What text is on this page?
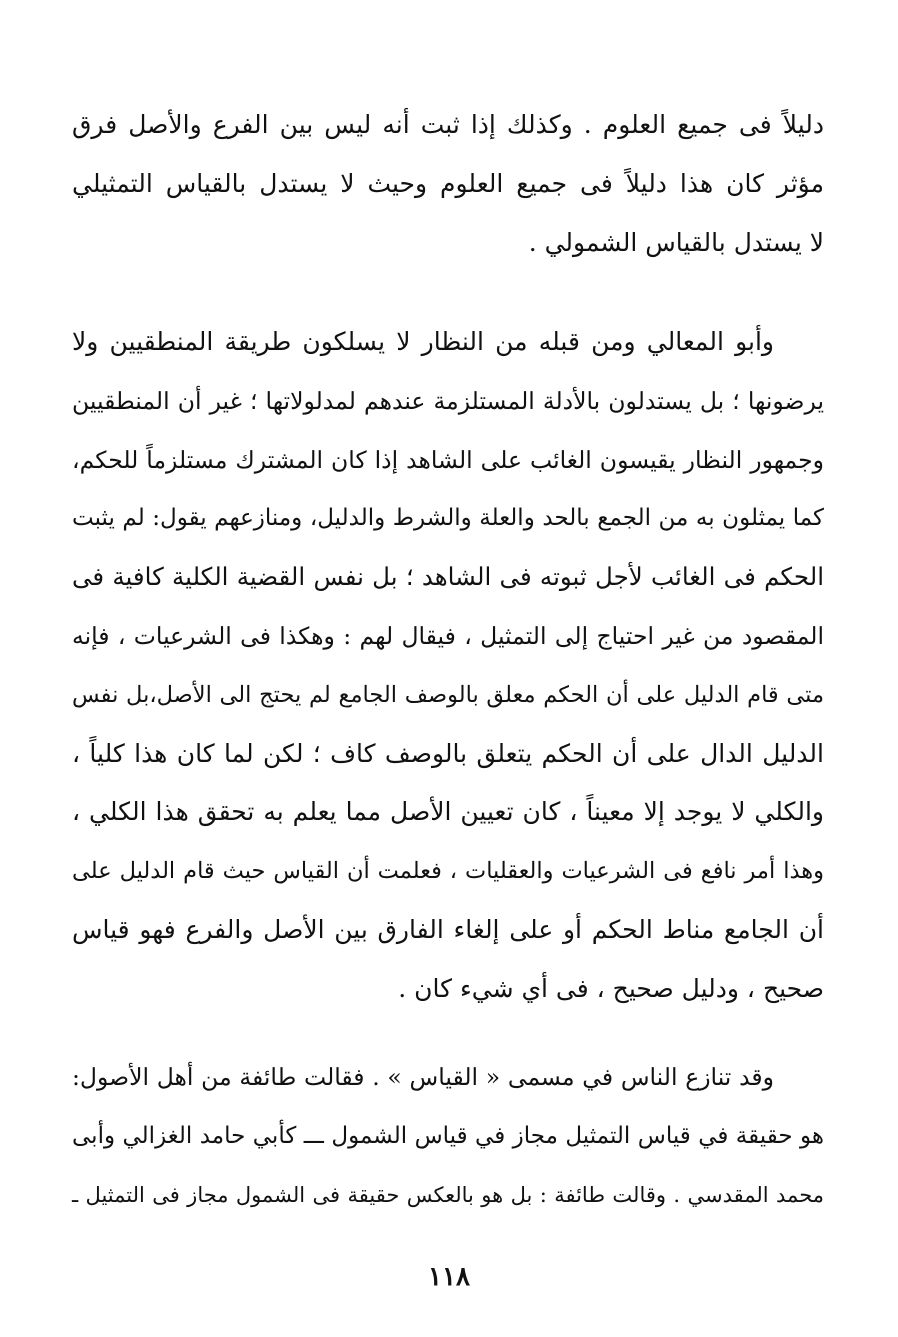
دليلاً فى جميع العلوم . وكذلك إذا ثبت أنه ليس بين الفرع والأصل فرق
مؤثر كان هذا دليلاً فى جميع العلوم وحيث لا يستدل بالقياس التمثيلي
لا يستدل بالقياس الشمولي .
وأبو المعالي ومن قبله من النظار لا يسلكون طريقة المنطقيين ولا
يرضونها ؛ بل يستدلون بالأدلة المستلزمة عندهم لمدلولاتها ؛ غير أن المنطقيين
وجمهور النظار يقيسون الغائب على الشاهد إذا كان المشترك مستلزماً للحكم،
كما يمثلون به من الجمع بالحد والعلة والشرط والدليل، ومنازعهم يقول: لم يثبت
الحكم فى الغائب لأجل ثبوته فى الشاهد ؛ بل نفس القضية الكلية كافية فى
المقصود من غير احتياج إلى التمثيل ، فيقال لهم : وهكذا فى الشرعيات ، فإنه
متى قام الدليل على أن الحكم معلق بالوصف الجامع لم يحتج الى الأصل،بل نفس
الدليل الدال على أن الحكم يتعلق بالوصف كاف ؛ لكن لما كان هذا كلياً ،
والكلي لا يوجد إلا معيناً ، كان تعيين الأصل مما يعلم به تحقق هذا الكلي ،
وهذا أمر نافع فى الشرعيات والعقليات ، فعلمت أن القياس حيث قام الدليل على
أن الجامع مناط الحكم أو على إلغاء الفارق بين الأصل والفرع فهو قياس
صحيح ، ودليل صحيح ، فى أي شيء كان .
وقد تنازع الناس في مسمى « القياس » . فقالت طائفة من أهل الأصول:
هو حقيقة في قياس التمثيل مجاز في قياس الشمول ـــ كأبي حامد الغزالي وأبى
محمد المقدسي . وقالت طائفة : بل هو بالعكس حقيقة فى الشمول مجاز فى التمثيل ـ
١١٨
